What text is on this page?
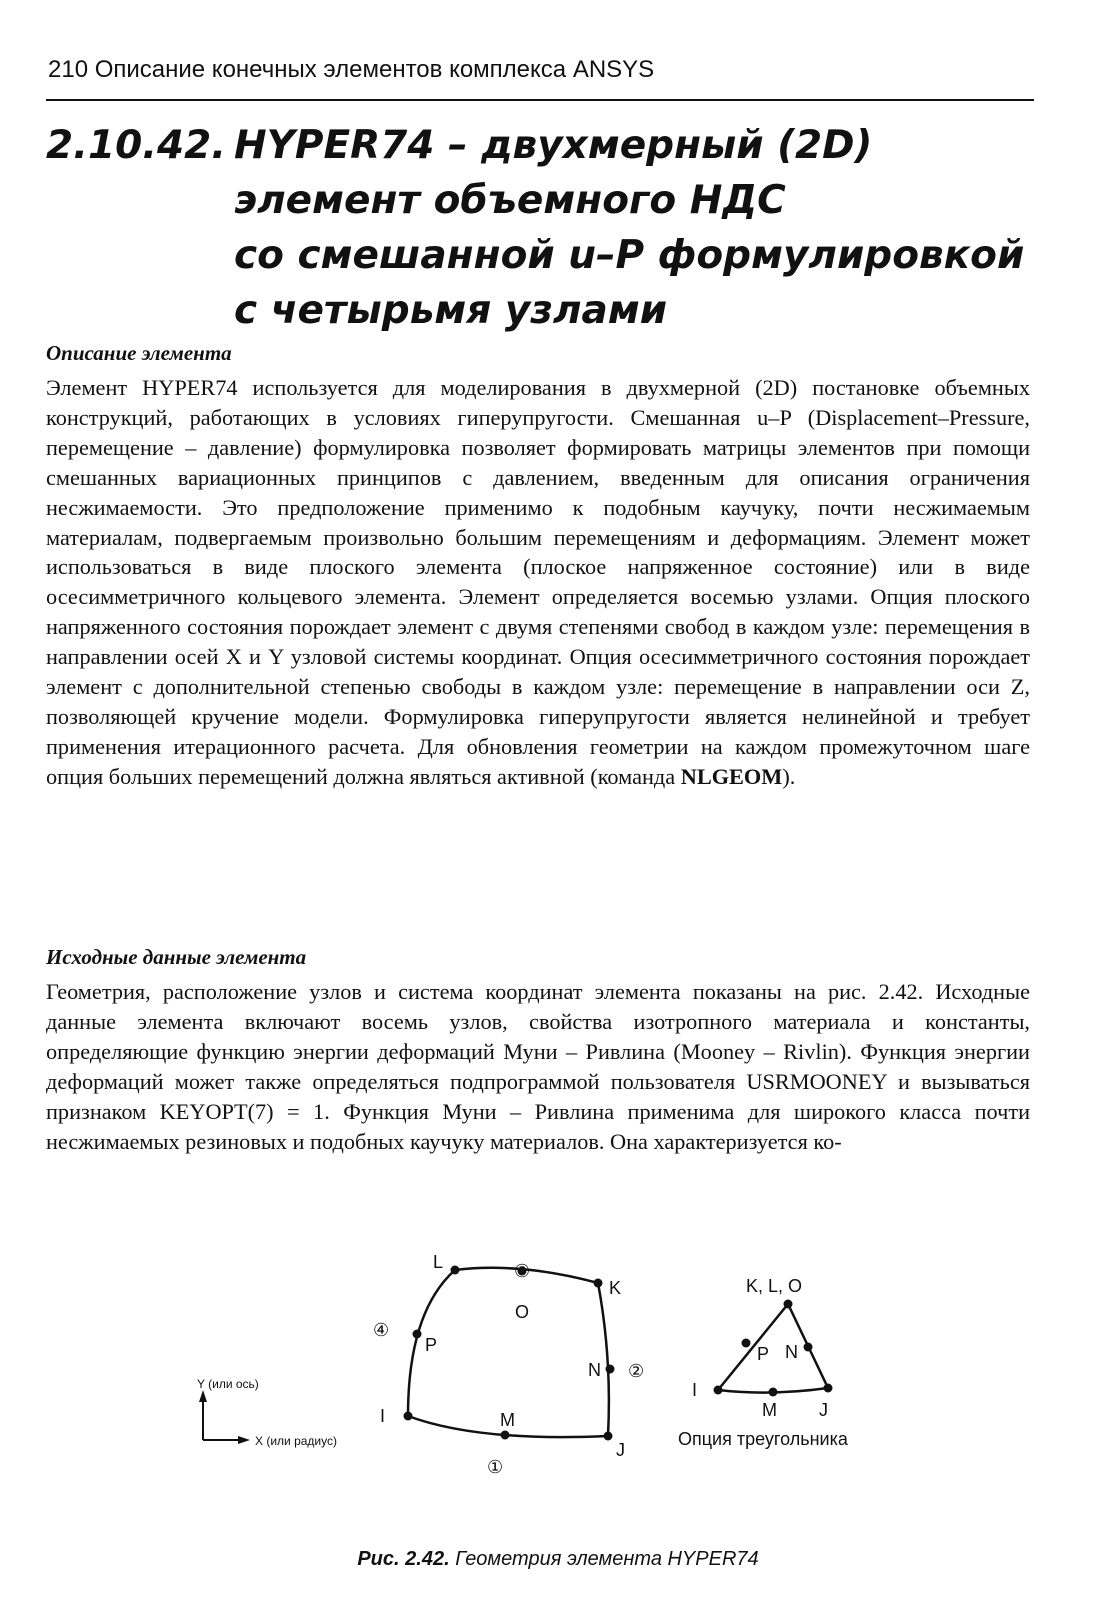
210 Описание конечных элементов комплекса ANSYS
2.10.42. HYPER74 – двухмерный (2D)
элемент объемного НДС
со смешанной u–P формулировкой
с четырьмя узлами
Описание элемента

Элемент HYPER74 используется для моделирования в двухмерной (2D) постановке объемных конструкций, работающих в условиях гиперупругости. Смешанная u–P (Displacement–Pressure, перемещение – давление) формулировка позволяет формировать матрицы элементов при помощи смешанных вариационных принципов с давлением, введенным для описания ограничения несжимаемости. Это предположение применимо к подобным каучуку, почти несжимаемым материалам, подвергаемым произвольно большим перемещениям и деформациям. Элемент может использоваться в виде плоского элемента (плоское напряженное состояние) или в виде осесимметричного кольцевого элемента. Элемент определяется восемью узлами. Опция плоского напряженного состояния порождает элемент с двумя степенями свобод в каждом узле: перемещения в направлении осей X и Y узловой системы координат. Опция осесимметричного состояния порождает элемент с дополнительной степенью свободы в каждом узле: перемещение в направлении оси Z, позволяющей кручение модели. Формулировка гиперупругости является нелинейной и требует применения итерационного расчета. Для обновления геометрии на каждом промежуточном шаге опция больших перемещений должна являться активной (команда NLGEOM).

Исходные данные элемента

Геометрия, расположение узлов и система координат элемента показаны на рис. 2.42. Исходные данные элемента включают восемь узлов, свойства изотропного материала и константы, определяющие функцию энергии деформаций Муни – Ривлина (Mooney – Rivlin). Функция энергии деформаций может также определяться подпрограммой пользователя USRMOONEY и вызываться признаком KEYOPT(7) = 1. Функция Муни – Ривлина применима для широкого класса почти несжимаемых резиновых и подобных каучуку материалов. Она характеризуется ко-

Y (или ось)
X (или радиус)
I
J
K
L
M
N
O
P
①
②
③
④
K, L, O
I
J
M
N
P
Опция треугольника
Рис. 2.42. Геометрия элемента HYPER74
